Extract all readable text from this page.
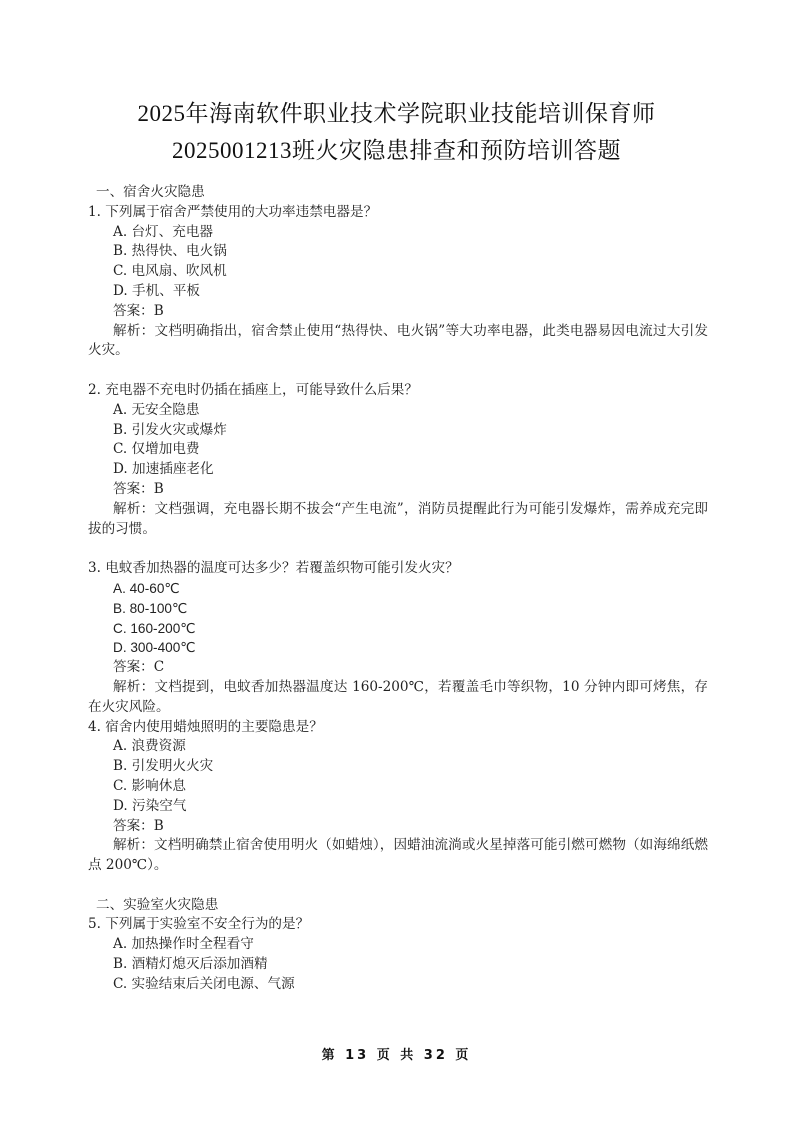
2025年海南软件职业技术学院职业技能培训保育师
2025001213班火灾隐患排查和预防培训答题
一、宿舍火灾隐患
1. 下列属于宿舍严禁使用的大功率违禁电器是？
A. 台灯、充电器
B. 热得快、电火锅
C. 电风扇、吹风机
D. 手机、平板
答案：B
解析：文档明确指出，宿舍禁止使用“热得快、电火锅”等大功率电器，此类电器易因电流过大引发火灾。
2. 充电器不充电时仍插在插座上，可能导致什么后果？
A. 无安全隐患
B. 引发火灾或爆炸
C. 仅增加电费
D. 加速插座老化
答案：B
解析：文档强调，充电器长期不拔会“产生电流”，消防员提醒此行为可能引发爆炸，需养成充完即拔的习惯。
3. 电蚊香加热器的温度可达多少？若覆盖织物可能引发火灾？
A. 40-60℃
B. 80-100℃
C. 160-200℃
D. 300-400℃
答案：C
解析：文档提到，电蚊香加热器温度达 160-200℃，若覆盖毛巾等织物，10 分钟内即可烤焦，存在火灾风险。
4. 宿舍内使用蜡烛照明的主要隐患是？
A. 浪费资源
B. 引发明火火灾
C. 影响休息
D. 污染空气
答案：B
解析：文档明确禁止宿舍使用明火（如蜡烛），因蜡油流淌或火星掉落可能引燃可燃物（如海绵纸燃点 200℃）。
二、实验室火灾隐患
5. 下列属于实验室不安全行为的是？
A. 加热操作时全程看守
B. 酒精灯熄灭后添加酒精
C. 实验结束后关闭电源、气源
第 13 页 共 32 页
